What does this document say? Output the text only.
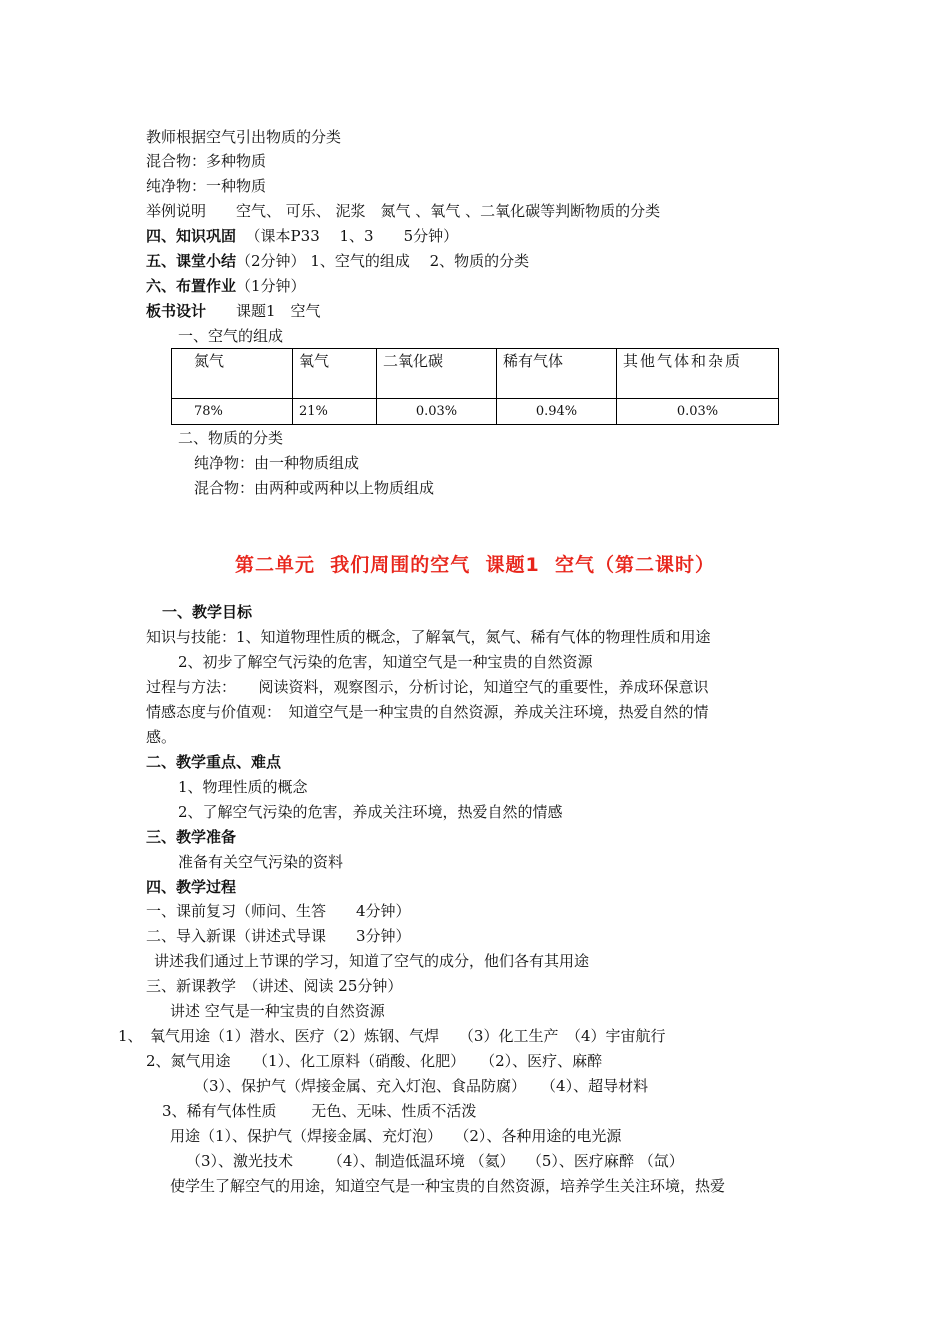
教师根据空气引出物质的分类
混合物：多种物质
纯净物：一种物质
举例说明　　空气、 可乐、 泥浆　氮气 、氧气 、二氧化碳等判断物质的分类
四、知识巩固  （课本P33　 1、3　　5分钟）
五、课堂小结（2分钟） 1、空气的组成　 2、物质的分类
六、布置作业（1分钟）
板书设计　　课题1　空气
一、空气的组成
氮气	氧气	二氧化碳	稀有气体	其他气体和杂质
78%	21%	0.03%	0.94%	0.03%
二、物质的分类
纯净物：由一种物质组成
混合物：由两种或两种以上物质组成
第二单元  我们周围的空气  课题1  空气（第二课时）
一、教学目标
知识与技能：1、知道物理性质的概念，了解氧气，氮气、稀有气体的物理性质和用途
2、初步了解空气污染的危害，知道空气是一种宝贵的自然资源
过程与方法：　　阅读资料，观察图示，分析讨论，知道空气的重要性，养成环保意识
情感态度与价值观：　知道空气是一种宝贵的自然资源，养成关注环境，热爱自然的情
感。
二、教学重点、难点
1、物理性质的概念
2、了解空气污染的危害，养成关注环境，热爱自然的情感
三、教学准备
准备有关空气污染的资料
四、教学过程
一、课前复习（师问、生答　　4分钟）
二、导入新课（讲述式导课　　3分钟）
讲述我们通过上节课的学习，知道了空气的成分，他们各有其用途
三、新课教学　（讲述、阅读 25分钟）
讲述 空气是一种宝贵的自然资源
1、　氧气用途（1）潜水、医疗（2）炼钢、气焊　 （3）化工生产　（4）宇宙航行
2、氮气用途　　（1）、化工原料（硝酸、化肥）　　（2）、医疗、麻醉
（3）、保护气（焊接金属、充入灯泡、食品防腐）　　（4）、超导材料
3、稀有气体性质　　 无色、无味、性质不活泼
用途（1）、保护气（焊接金属、充灯泡）　 （2）、各种用途的电光源
（3）、激光技术　　 （4）、制造低温环境 （氦）　 （5）、医疗麻醉 （氙）
使学生了解空气的用途，知道空气是一种宝贵的自然资源，培养学生关注环境，热爱
